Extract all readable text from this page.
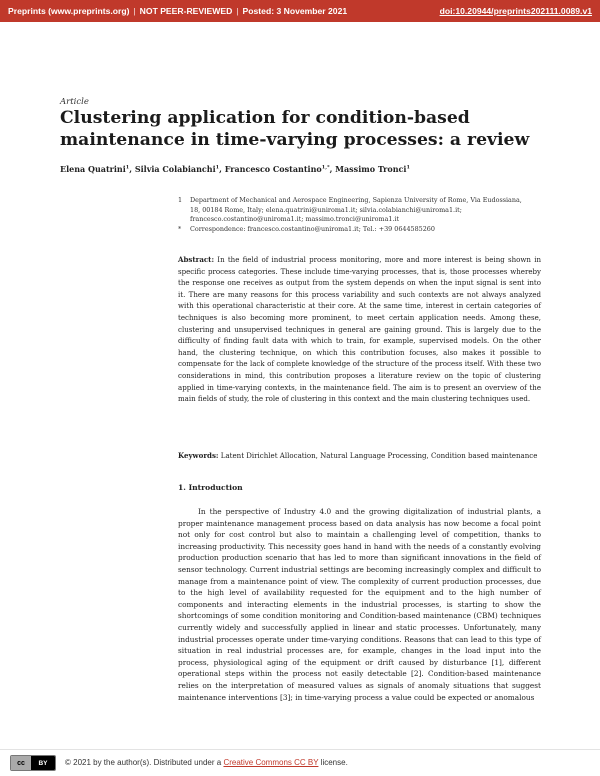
Preprints (www.preprints.org) | NOT PEER-REVIEWED | Posted: 3 November 2021	doi:10.20944/preprints202111.0089.v1
Article
Clustering application for condition-based maintenance in time-varying processes: a review
Elena Quatrini$^1$, Silvia Colabianchi$^1$, Francesco Costantino$^{1,*}$, Massimo Tronci$^1$
1 Department of Mechanical and Aerospace Engineering, Sapienza University of Rome, Via Eudossiana, 18, 00184 Rome, Italy; elena.quatrini@uniroma1.it; silvia.colabianchi@uniroma1.it; francesco.costantino@uniroma1.it; massimo.tronci@uniroma1.it
* Correspondence: francesco.costantino@uniroma1.it; Tel.: +39 0644585260
Abstract: In the field of industrial process monitoring, more and more interest is being shown in specific process categories. These include time-varying processes, that is, those processes whereby the response one receives as output from the system depends on when the input signal is sent into it. There are many reasons for this process variability and such contexts are not always analyzed with this operational characteristic at their core. At the same time, interest in certain categories of techniques is also becoming more prominent, to meet certain application needs. Among these, clustering and unsupervised techniques in general are gaining ground. This is largely due to the difficulty of finding fault data with which to train, for example, supervised models. On the other hand, the clustering technique, on which this contribution focuses, also makes it possible to compensate for the lack of complete knowledge of the structure of the process itself. With these two considerations in mind, this contribution proposes a literature review on the topic of clustering applied in time-varying contexts, in the maintenance field. The aim is to present an overview of the main fields of study, the role of clustering in this context and the main clustering techniques used.
Keywords: Latent Dirichlet Allocation, Natural Language Processing, Condition based maintenance
1. Introduction
In the perspective of Industry 4.0 and the growing digitalization of industrial plants, a proper maintenance management process based on data analysis has now become a focal point not only for cost control but also to maintain a challenging level of competition, thanks to increasing productivity. This necessity goes hand in hand with the needs of a constantly evolving production production scenario that has led to more than significant innovations in the field of sensor technology. Current industrial settings are becoming increasingly complex and difficult to manage from a maintenance point of view. The complexity of current production processes, due to the high level of availability requested for the equipment and to the high number of components and interacting elements in the industrial processes, is starting to show the shortcomings of some condition monitoring and Condition-based maintenance (CBM) techniques currently widely and successfully applied in linear and static processes. Unfortunately, many industrial processes operate under time-varying conditions. Reasons that can lead to this type of situation in real industrial processes are, for example, changes in the load input into the process, physiological aging of the equipment or drift caused by disturbance [1], different operational steps within the process not easily detectable [2]. Condition-based maintenance relies on the interpretation of measured values as signals of anomaly situations that suggest maintenance interventions [3]; in time-varying process a value could be expected or anomalous
cc	BY	© 2021 by the author(s). Distributed under a Creative Commons CC BY license.
